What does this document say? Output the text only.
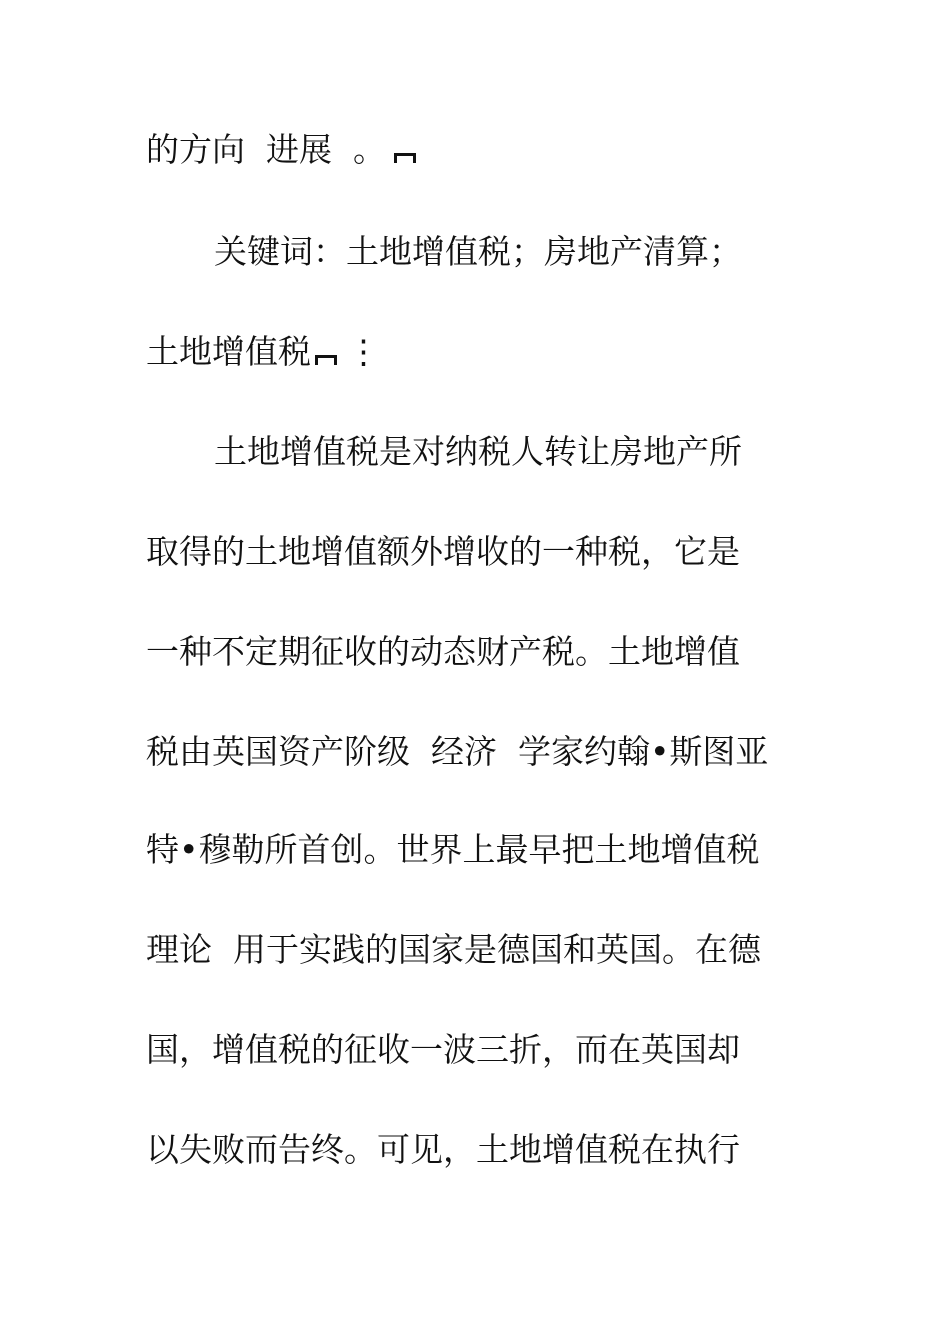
的方向  进展  。
关键词：土地增值税；房地产清算；
土地增值税 ⋮
土地增值税是对纳税人转让房地产所
取得的土地增值额外增收的一种税，它是
一种不定期征收的动态财产税。土地增值
税由英国资产阶级  经济  学家约翰•斯图亚
特•穆勒所首创。世界上最早把土地增值税
理论  用于实践的国家是德国和英国。在德
国，增值税的征收一波三折，而在英国却
以失败而告终。可见，土地增值税在执行
